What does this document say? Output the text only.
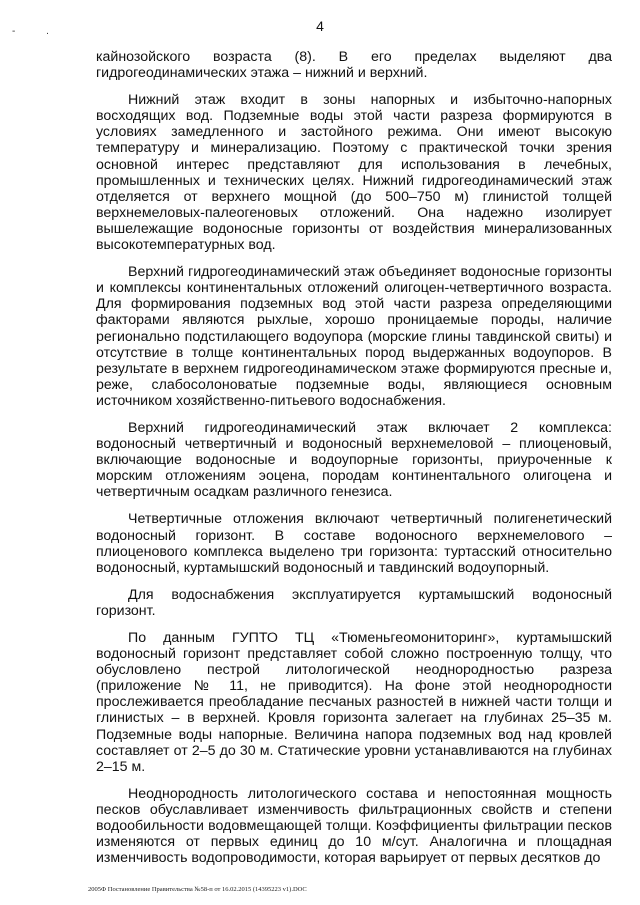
- .	4

кайнозойского возраста (8). В его пределах выделяют два гидрогеодинамических этажа – нижний и верхний.

Нижний этаж входит в зоны напорных и избыточно-напорных восходящих вод. Подземные воды этой части разреза формируются в условиях замедленного и застойного режима. Они имеют высокую температуру и минерализацию. Поэтому с практической точки зрения основной интерес представляют для использования в лечебных, промышленных и технических целях. Нижний гидрогеодинамический этаж отделяется от верхнего мощной (до 500–750 м) глинистой толщей верхнемеловых-палеогеновых отложений. Она надежно изолирует вышележащие водоносные горизонты от воздействия минерализованных высокотемпературных вод.

Верхний гидрогеодинамический этаж объединяет водоносные горизонты и комплексы континентальных отложений олигоцен-четвертичного возраста. Для формирования подземных вод этой части разреза определяющими факторами являются рыхлые, хорошо проницаемые породы, наличие регионально подстилающего водоупора (морские глины тавдинской свиты) и отсутствие в толще континентальных пород выдержанных водоупоров. В результате в верхнем гидрогеодинамическом этаже формируются пресные и, реже, слабосолоноватые подземные воды, являющиеся основным источником хозяйственно-питьевого водоснабжения.

Верхний гидрогеодинамический этаж включает 2 комплекса: водоносный четвертичный и водоносный верхнемеловой – плиоценовый, включающие водоносные и водоупорные горизонты, приуроченные к морским отложениям эоцена, породам континентального олигоцена и четвертичным осадкам различного генезиса.

Четвертичные отложения включают четвертичный полигенетический водоносный горизонт. В составе водоносного верхнемелового – плиоценового комплекса выделено три горизонта: туртасский относительно водоносный, куртамышский водоносный и тавдинский водоупорный.

Для водоснабжения эксплуатируется куртамышский водоносный горизонт.

По данным ГУПТО ТЦ «Тюменьгеомониторинг», куртамышский водоносный горизонт представляет собой сложно построенную толщу, что обусловлено пестрой литологической неоднородностью разреза (приложение № 11, не приводится). На фоне этой неоднородности прослеживается преобладание песчаных разностей в нижней части толщи и глинистых – в верхней. Кровля горизонта залегает на глубинах 25–35 м. Подземные воды напорные. Величина напора подземных вод над кровлей составляет от 2–5 до 30 м. Статические уровни устанавливаются на глубинах 2–15 м.

Неоднородность литологического состава и непостоянная мощность песков обуславливает изменчивость фильтрационных свойств и степени водообильности водовмещающей толщи. Коэффициенты фильтрации песков изменяются от первых единиц до 10 м/сут. Аналогична и площадная изменчивость водопроводимости, которая варьирует от первых десятков до

2005Ф Постановление Правительства №58-п от 16.02.2015 (14395223 v1).DOC
